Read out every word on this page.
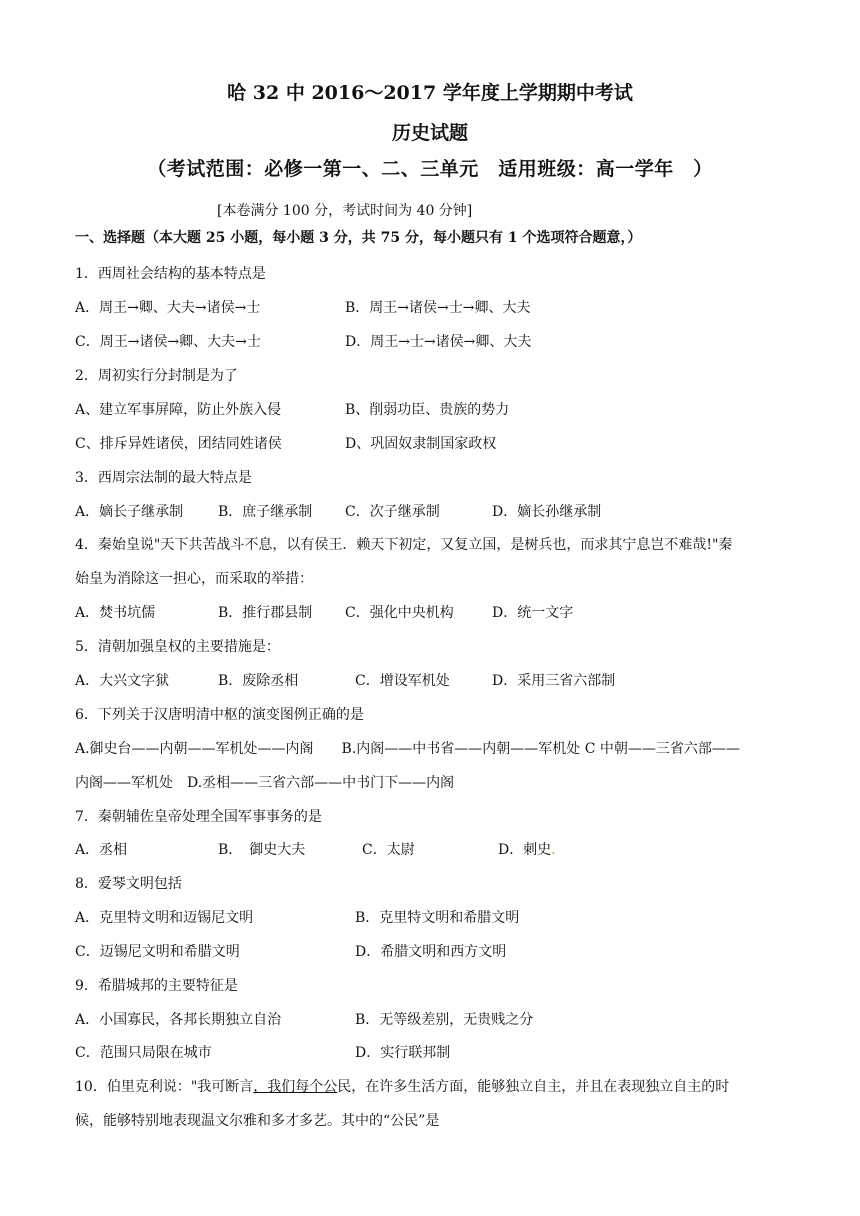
哈 32 中 2016～2017 学年度上学期期中考试
历史试题
（考试范围：必修一第一、二、三单元　适用班级：高一学年　）
[本卷满分 100 分，考试时间为 40 分钟]
一、选择题（本大题 25 小题，每小题 3 分，共 75 分，每小题只有 1 个选项符合题意，）
1．西周社会结构的基本特点是
A．周王→卿、大夫→诸侯→士	B．周王→诸侯→士→卿、大夫
C．周王→诸侯→卿、大夫→士	D．周王→士→诸侯→卿、大夫
2．周初实行分封制是为了
A、建立军事屏障，防止外族入侵	B、削弱功臣、贵族的势力
C、排斥异姓诸侯，团结同姓诸侯	D、巩固奴隶制国家政权
3．西周宗法制的最大特点是
A．嫡长子继承制 B．庶子继承制 C．次子继承制	D．嫡长孙继承制
4．秦始皇说"天下共苦战斗不息，以有侯王．赖天下初定，又复立国，是树兵也，而求其宁息岂不难哉!"秦
始皇为消除这一担心，而采取的举措：
A．焚书坑儒	B．推行郡县制 C．强化中央机构	D．统一文字
5．清朝加强皇权的主要措施是：
A．大兴文字狱	B．废除丞相	C．增设军机处	D．采用三省六部制
6．下列关于汉唐明清中枢的演变图例正确的是
A.御史台——内朝——军机处——内阁　　B.内阁——中书省——内朝——军机处 C 中朝——三省六部——
内阁——军机处　D.丞相——三省六部——中书门下——内阁
7．秦朝辅佐皇帝处理全国军事事务的是
A．丞相	B．　御史大夫	C．太尉	D．刺史.
8．爱琴文明包括
A．克里特文明和迈锡尼文明	B．克里特文明和希腊文明
C．迈锡尼文明和希腊文明	D．希腊文明和西方文明
9．希腊城邦的主要特征是
A．小国寡民，各邦长期独立自治	B．无等级差别，无贵贱之分
C．范围只局限在城市	D．实行联邦制
10．伯里克利说："我可断言，我们每个公民，在许多生活方面，能够独立自主，并且在表现独立自主的时
候，能够特别地表现温文尔雅和多才多艺。其中的“公民”是
